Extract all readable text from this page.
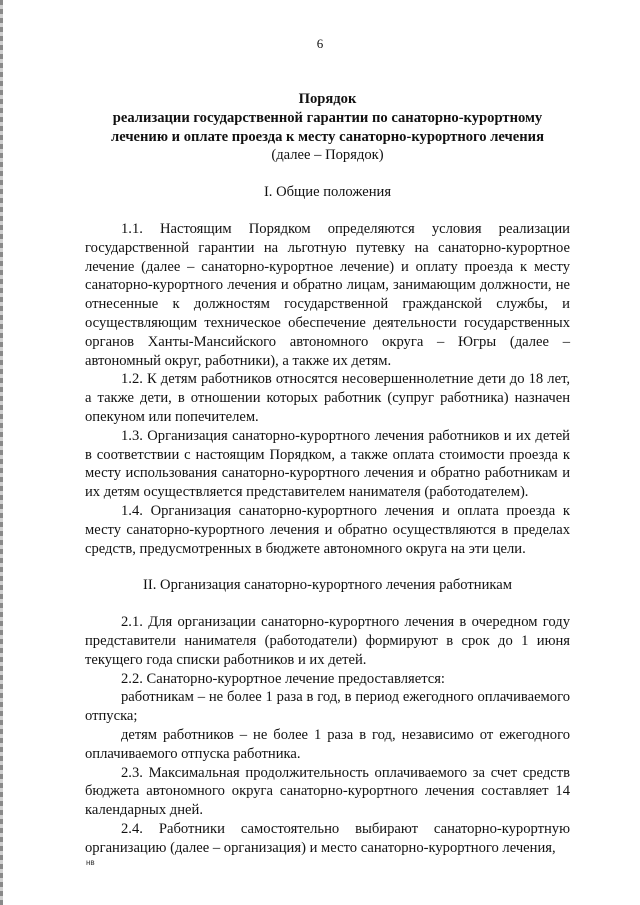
6
Порядок
реализации государственной гарантии по санаторно-курортному
лечению и оплате проезда к месту санаторно-курортного лечения
(далее – Порядок)
I. Общие положения

1.1. Настоящим Порядком определяются условия реализации государственной гарантии на льготную путевку на санаторно-курортное лечение (далее – санаторно-курортное лечение) и оплату проезда к месту санаторно-курортного лечения и обратно лицам, занимающим должности, не отнесенные к должностям государственной гражданской службы, и осуществляющим техническое обеспечение деятельности государственных органов Ханты-Мансийского автономного округа – Югры (далее – автономный округ, работники), а также их детям.

1.2. К детям работников относятся несовершеннолетние дети до 18 лет, а также дети, в отношении которых работник (супруг работника) назначен опекуном или попечителем.

1.3. Организация санаторно-курортного лечения работников и их детей в соответствии с настоящим Порядком, а также оплата стоимости проезда к месту использования санаторно-курортного лечения и обратно работникам и их детям осуществляется представителем нанимателя (работодателем).

1.4. Организация санаторно-курортного лечения и оплата проезда к месту санаторно-курортного лечения и обратно осуществляются в пределах средств, предусмотренных в бюджете автономного округа на эти цели.

II. Организация санаторно-курортного лечения работникам

2.1. Для организации санаторно-курортного лечения в очередном году представители нанимателя (работодатели) формируют в срок до 1 июня текущего года списки работников и их детей.

2.2. Санаторно-курортное лечение предоставляется:

работникам – не более 1 раза в год, в период ежегодного оплачиваемого отпуска;

детям работников – не более 1 раза в год, независимо от ежегодного оплачиваемого отпуска работника.

2.3. Максимальная продолжительность оплачиваемого за счет средств бюджета автономного округа санаторно-курортного лечения составляет 14 календарных дней.

2.4. Работники самостоятельно выбирают санаторно-курортную организацию (далее – организация) и место санаторно-курортного лечения,

нв
